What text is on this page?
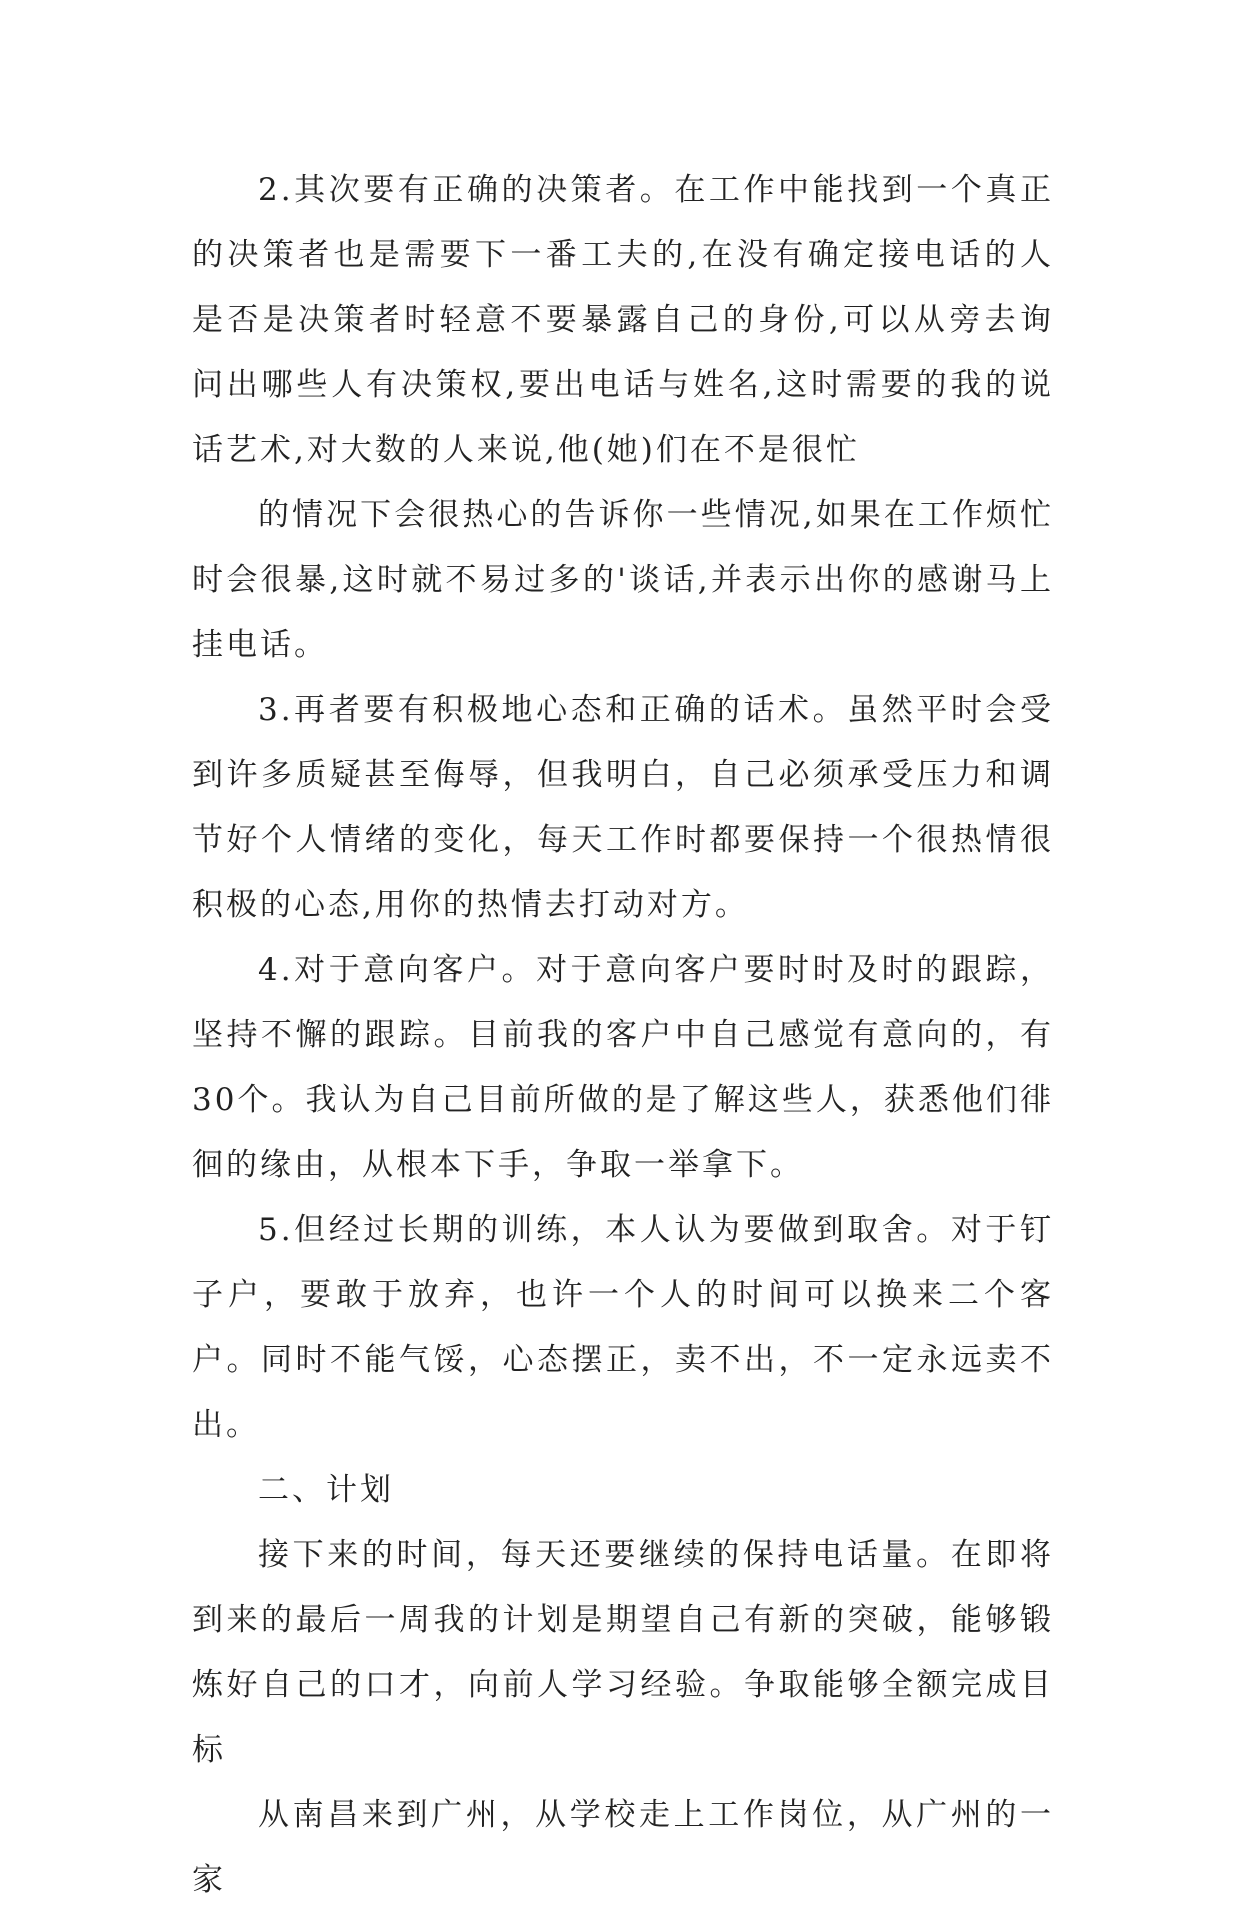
2.其次要有正确的决策者。在工作中能找到一个真正的决策者也是需要下一番工夫的,在没有确定接电话的人是否是决策者时轻意不要暴露自己的身份,可以从旁去询问出哪些人有决策权,要出电话与姓名,这时需要的我的说话艺术,对大数的人来说,他(她)们在不是很忙

的情况下会很热心的告诉你一些情况,如果在工作烦忙时会很暴,这时就不易过多的'谈话,并表示出你的感谢马上挂电话。

3.再者要有积极地心态和正确的话术。虽然平时会受到许多质疑甚至侮辱，但我明白，自己必须承受压力和调节好个人情绪的变化，每天工作时都要保持一个很热情很积极的心态,用你的热情去打动对方。

4.对于意向客户。对于意向客户要时时及时的跟踪，坚持不懈的跟踪。目前我的客户中自己感觉有意向的，有30个。我认为自己目前所做的是了解这些人，获悉他们徘徊的缘由，从根本下手，争取一举拿下。

5.但经过长期的训练，本人认为要做到取舍。对于钉子户，要敢于放弃，也许一个人的时间可以换来二个客户。同时不能气馁，心态摆正，卖不出，不一定永远卖不出。

二、计划

接下来的时间，每天还要继续的保持电话量。在即将到来的最后一周我的计划是期望自己有新的突破，能够锻炼好自己的口才，向前人学习经验。争取能够全额完成目标

从南昌来到广州，从学校走上工作岗位，从广州的一家
